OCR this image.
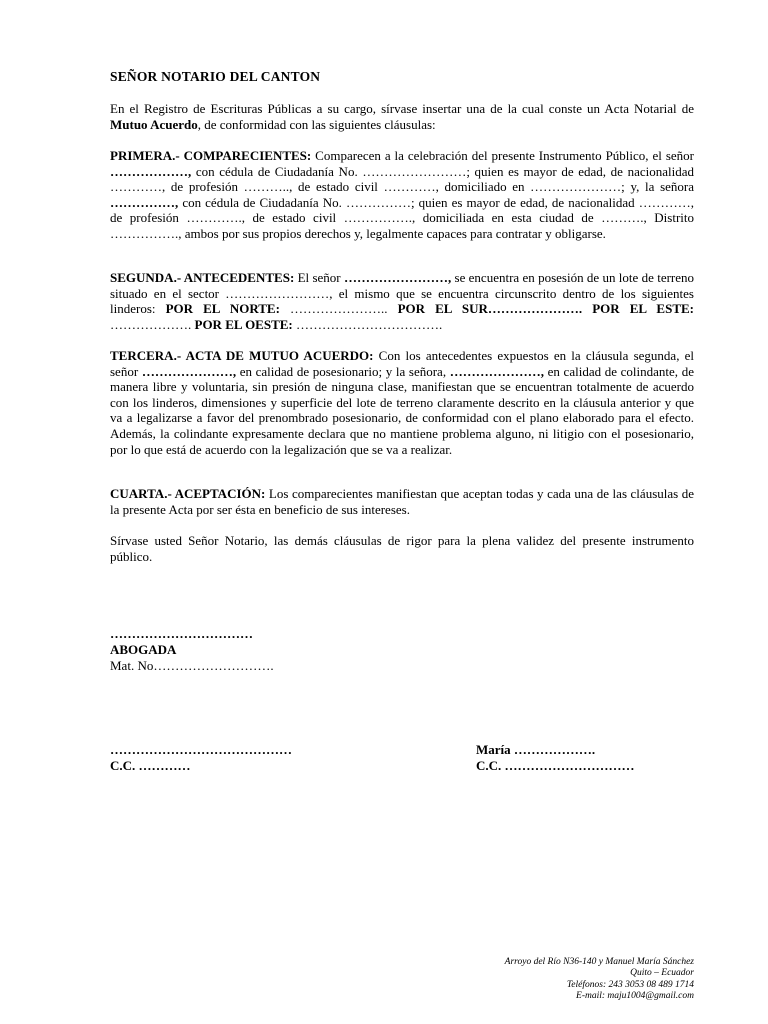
SEÑOR NOTARIO DEL CANTON
En el Registro de Escrituras Públicas a su cargo, sírvase insertar una de la cual conste un Acta Notarial de Mutuo Acuerdo, de conformidad con las siguientes cláusulas:
PRIMERA.- COMPARECIENTES: Comparecen a la celebración del presente Instrumento Público, el señor ………………, con cédula de Ciudadanía No. ……………………; quien es mayor de edad, de nacionalidad …………, de profesión ……….., de estado civil …………, domiciliado en …………………; y, la señora ……………, con cédula de Ciudadanía No. ……………; quien es mayor de edad, de nacionalidad …………, de profesión …………., de estado civil ……………., domiciliada en esta ciudad de ………., Distrito ……………., ambos por sus propios derechos y, legalmente capaces para contratar y obligarse.
SEGUNDA.- ANTECEDENTES: El señor ……………………, se encuentra en posesión de un lote de terreno situado en el sector ……………………, el mismo que se encuentra circunscrito dentro de los siguientes linderos: POR EL NORTE: ………………….. POR EL SUR…………………. POR EL ESTE: ………………. POR EL OESTE: …………………………….
TERCERA.- ACTA DE MUTUO ACUERDO: Con los antecedentes expuestos en la cláusula segunda, el señor …………………, en calidad de posesionario; y la señora, …………………, en calidad de colindante, de manera libre y voluntaria, sin presión de ninguna clase, manifiestan que se encuentran totalmente de acuerdo con los linderos, dimensiones y superficie del lote de terreno claramente descrito en la cláusula anterior y que va a legalizarse a favor del prenombrado posesionario, de conformidad con el plano elaborado para el efecto. Además, la colindante expresamente declara que no mantiene problema alguno, ni litigio con el posesionario, por lo que está de acuerdo con la legalización que se va a realizar.
CUARTA.- ACEPTACIÓN: Los comparecientes manifiestan que aceptan todas y cada una de las cláusulas de la presente Acta por ser ésta en beneficio de sus intereses.
Sírvase usted Señor Notario, las demás cláusulas de rigor para la plena validez del presente instrumento público.
……………………………
ABOGADA
Mat. No……………………….
……………………………………
C.C. …………
María ……………….
C.C. …………………………
Arroyo del Río N36-140 y Manuel María Sánchez
Quito – Ecuador
Teléfonos: 243 3053 08 489 1714
E-mail: maju1004@gmail.com
